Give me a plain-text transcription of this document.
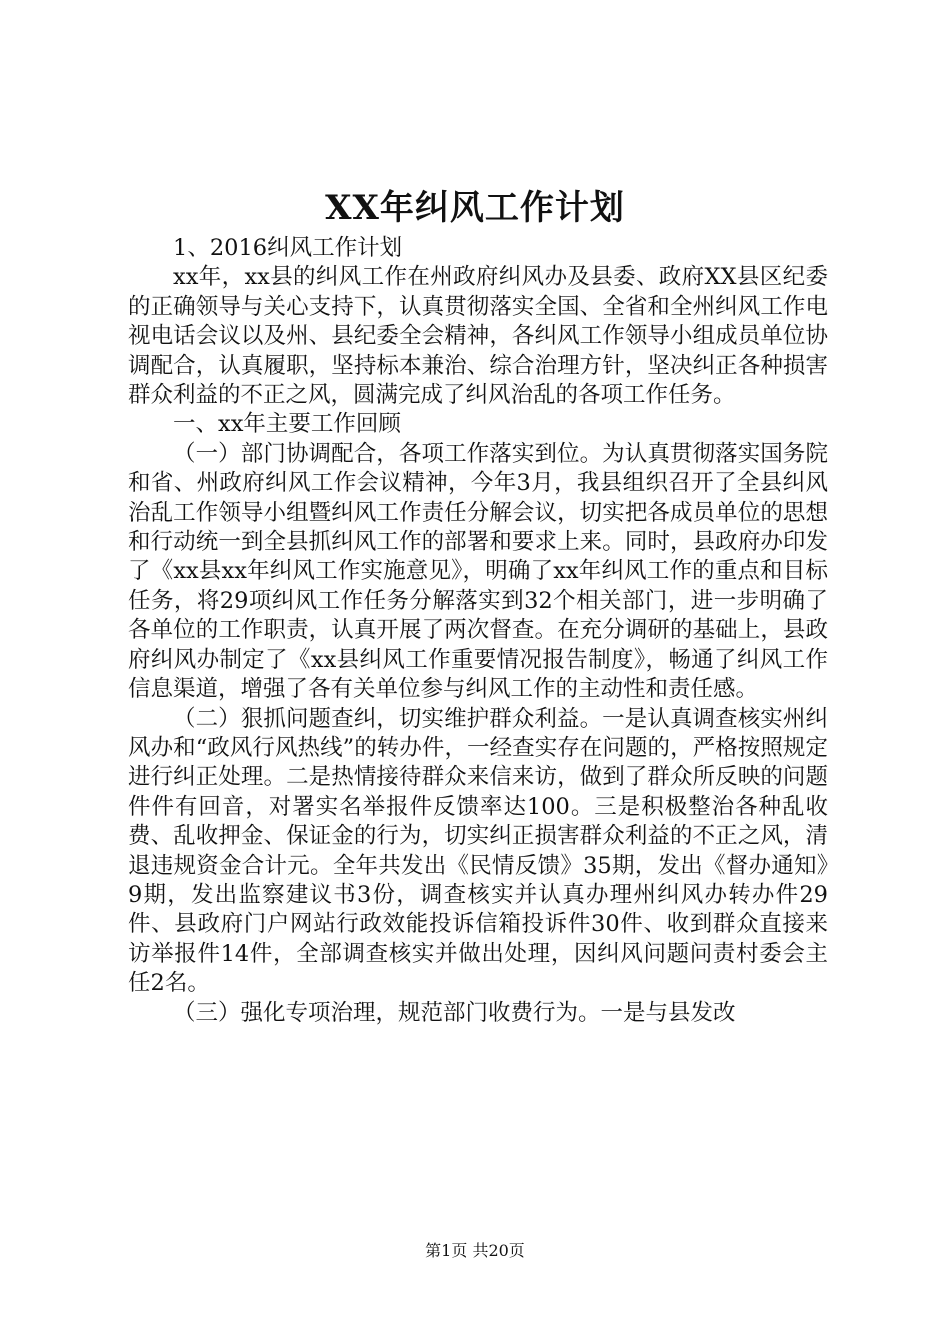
XX年纠风工作计划

1、2016纠风工作计划

xx年，xx县的纠风工作在州政府纠风办及县委、政府XX县区纪委的正确领导与关心支持下，认真贯彻落实全国、全省和全州纠风工作电视电话会议以及州、县纪委全会精神，各纠风工作领导小组成员单位协调配合，认真履职，坚持标本兼治、综合治理方针，坚决纠正各种损害群众利益的不正之风，圆满完成了纠风治乱的各项工作任务。

一、xx年主要工作回顾

（一）部门协调配合，各项工作落实到位。为认真贯彻落实国务院和省、州政府纠风工作会议精神，今年3月，我县组织召开了全县纠风治乱工作领导小组暨纠风工作责任分解会议，切实把各成员单位的思想和行动统一到全县抓纠风工作的部署和要求上来。同时，县政府办印发了《xx县xx年纠风工作实施意见》，明确了xx年纠风工作的重点和目标任务，将29项纠风工作任务分解落实到32个相关部门，进一步明确了各单位的工作职责，认真开展了两次督查。在充分调研的基础上，县政府纠风办制定了《xx县纠风工作重要情况报告制度》，畅通了纠风工作信息渠道，增强了各有关单位参与纠风工作的主动性和责任感。

（二）狠抓问题查纠，切实维护群众利益。一是认真调查核实州纠风办和“政风行风热线”的转办件，一经查实存在问题的，严格按照规定进行纠正处理。二是热情接待群众来信来访，做到了群众所反映的问题件件有回音，对署实名举报件反馈率达100。三是积极整治各种乱收费、乱收押金、保证金的行为，切实纠正损害群众利益的不正之风，清退违规资金合计元。全年共发出《民情反馈》35期，发出《督办通知》9期，发出监察建议书3份，调查核实并认真办理州纠风办转办件29件、县政府门户网站行政效能投诉信箱投诉件30件、收到群众直接来访举报件14件，全部调查核实并做出处理，因纠风问题问责村委会主任2名。

（三）强化专项治理，规范部门收费行为。一是与县发改

第1页 共20页
